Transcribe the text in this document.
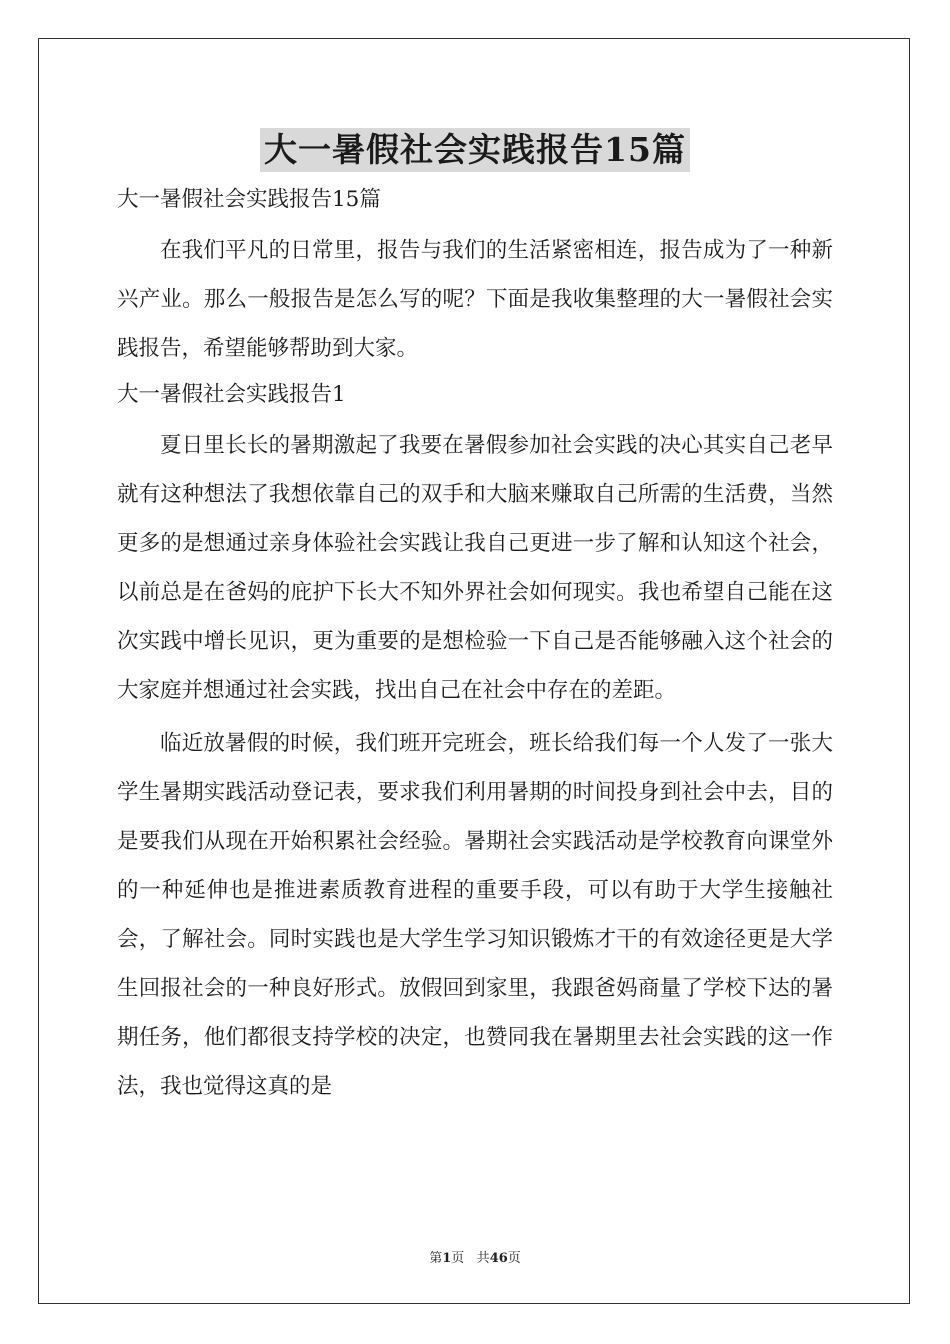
大一暑假社会实践报告15篇
大一暑假社会实践报告15篇
在我们平凡的日常里，报告与我们的生活紧密相连，报告成为了一种新兴产业。那么一般报告是怎么写的呢？下面是我收集整理的大一暑假社会实践报告，希望能够帮助到大家。
大一暑假社会实践报告1
夏日里长长的暑期激起了我要在暑假参加社会实践的决心其实自己老早就有这种想法了我想依靠自己的双手和大脑来赚取自己所需的生活费，当然更多的是想通过亲身体验社会实践让我自己更进一步了解和认知这个社会，以前总是在爸妈的庇护下长大不知外界社会如何现实。我也希望自己能在这次实践中增长见识，更为重要的是想检验一下自己是否能够融入这个社会的大家庭并想通过社会实践，找出自己在社会中存在的差距。
临近放暑假的时候，我们班开完班会，班长给我们每一个人发了一张大学生暑期实践活动登记表，要求我们利用暑期的时间投身到社会中去，目的是要我们从现在开始积累社会经验。暑期社会实践活动是学校教育向课堂外的一种延伸也是推进素质教育进程的重要手段，可以有助于大学生接触社会，了解社会。同时实践也是大学生学习知识锻炼才干的有效途径更是大学生回报社会的一种良好形式。放假回到家里，我跟爸妈商量了学校下达的暑期任务，他们都很支持学校的决定，也赞同我在暑期里去社会实践的这一作法，我也觉得这真的是
第1页 共46页
